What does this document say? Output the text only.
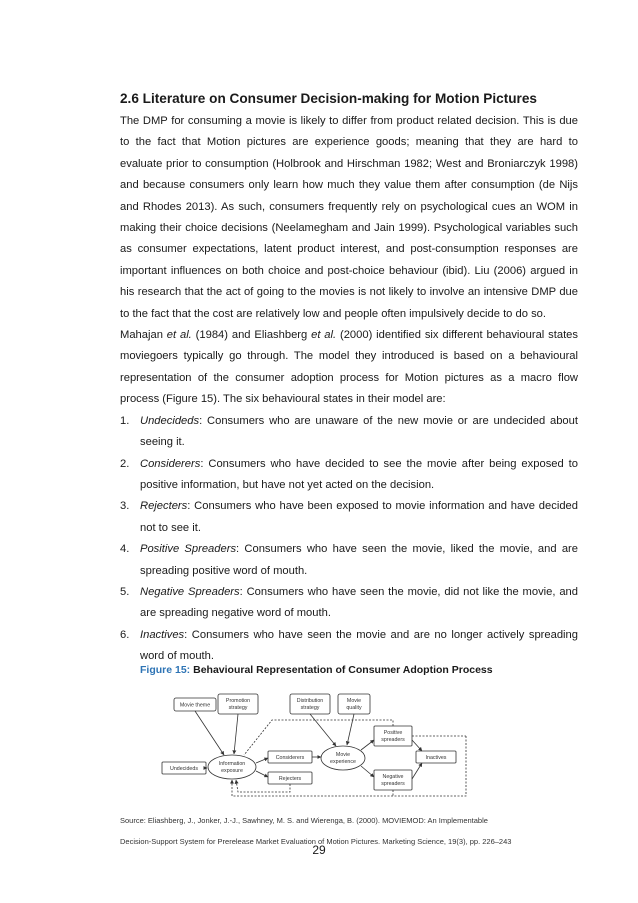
2.6 Literature on Consumer Decision-making for Motion Pictures

The DMP for consuming a movie is likely to differ from product related decision. This is due to the fact that Motion pictures are experience goods; meaning that they are hard to evaluate prior to consumption (Holbrook and Hirschman 1982; West and Broniarczyk 1998) and because consumers only learn how much they value them after consumption (de Nijs and Rhodes 2013). As such, consumers frequently rely on psychological cues an WOM in making their choice decisions (Neelamegham and Jain 1999). Psychological variables such as consumer expectations, latent product interest, and post-consumption responses are important influences on both choice and post-choice behaviour (ibid). Liu (2006) argued in his research that the act of going to the movies is not likely to involve an intensive DMP due to the fact that the cost are relatively low and people often impulsively decide to do so.

Mahajan et al. (1984) and Eliashberg et al. (2000) identified six different behavioural states moviegoers typically go through. The model they introduced is based on a behavioural representation of the consumer adoption process for Motion pictures as a macro flow process (Figure 15). The six behavioural states in their model are:

1. Undecideds: Consumers who are unaware of the new movie or are undecided about seeing it.
2. Considerers: Consumers who have decided to see the movie after being exposed to positive information, but have not yet acted on the decision.
3. Rejecters: Consumers who have been exposed to movie information and have decided not to see it.
4. Positive Spreaders: Consumers who have seen the movie, liked the movie, and are spreading positive word of mouth.
5. Negative Spreaders: Consumers who have seen the movie, did not like the movie, and are spreading negative word of mouth.
6. Inactives: Consumers who have seen the movie and are no longer actively spreading word of mouth.
Figure 15: Behavioural Representation of Consumer Adoption Process
Movie theme
Promotion
strategy
Distribution
strategy
Movie
quality
Undecideds
Information
exposure
Considerers
Rejecters
Movie
experience
Positive
spreaders
Inactives
Negative
spreaders
Source: Eliashberg, J., Jonker, J.-J., Sawhney, M. S. and Wierenga, B. (2000). MOVIEMOD: An Implementable
Decision-Support System for Prerelease Market Evaluation of Motion Pictures. Marketing Science, 19(3), pp. 226–243
29
